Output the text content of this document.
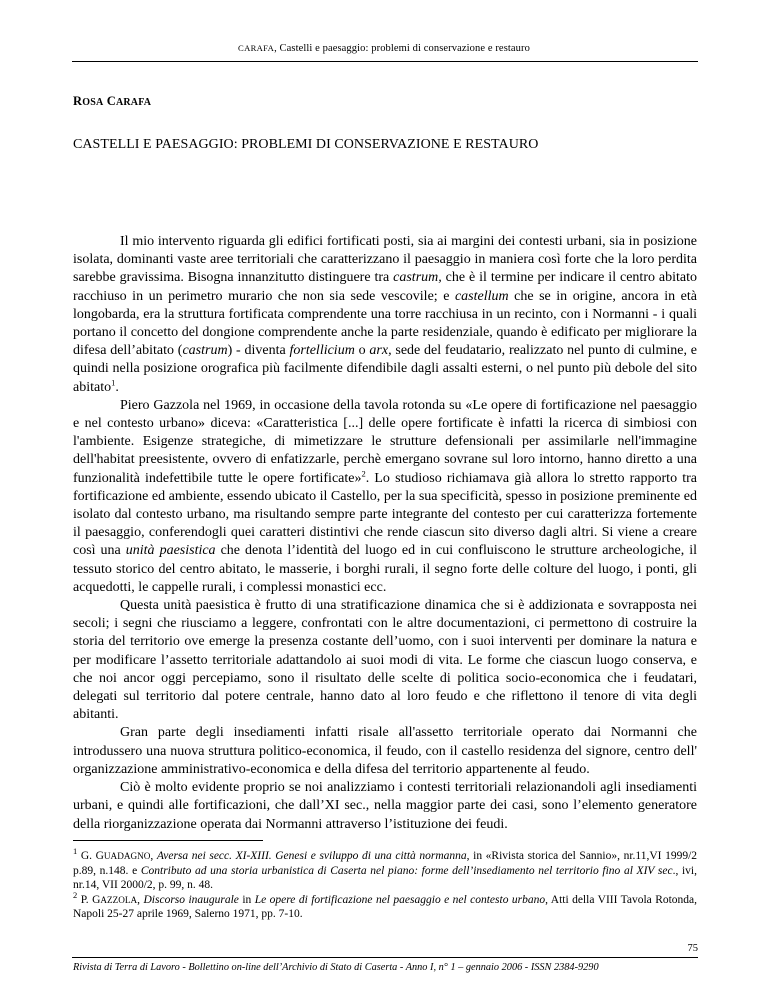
CARAFA, Castelli e paesaggio: problemi di conservazione e restauro
ROSA CARAFA
CASTELLI E PAESAGGIO: PROBLEMI DI CONSERVAZIONE E RESTAURO

Il mio intervento riguarda gli edifici fortificati posti, sia ai margini dei contesti urbani, sia in posizione isolata, dominanti vaste aree territoriali che caratterizzano il paesaggio in maniera così forte che la loro perdita sarebbe gravissima. Bisogna innanzitutto distinguere tra castrum, che è il termine per indicare il centro abitato racchiuso in un perimetro murario che non sia sede vescovile; e castellum che se in origine, ancora in età longobarda, era la struttura fortificata comprendente una torre racchiusa in un recinto, con i Normanni - i quali portano il concetto del dongione comprendente anche la parte residenziale, quando è edificato per migliorare la difesa dell’abitato (castrum) - diventa fortellicium o arx, sede del feudatario, realizzato nel punto di culmine, e quindi nella posizione orografica più facilmente difendibile dagli assalti esterni, o nel punto più debole del sito abitato$^1$.

Piero Gazzola nel 1969, in occasione della tavola rotonda su «Le opere di fortificazione nel paesaggio e nel contesto urbano» diceva: «Caratteristica [...] delle opere fortificate è infatti la ricerca di simbiosi con l'ambiente. Esigenze strategiche, di mimetizzare le strutture defensionali per assimilarle nell'immagine dell'habitat preesistente, ovvero di enfatizzarle, perchè emergano sovrane sul loro intorno, hanno diretto a una funzionalità indefettibile tutte le opere fortificate»$^2$. Lo studioso richiamava già allora lo stretto rapporto tra fortificazione ed ambiente, essendo ubicato il Castello, per la sua specificità, spesso in posizione preminente ed isolato dal contesto urbano, ma risultando sempre parte integrante del contesto per cui caratterizza fortemente il paesaggio, conferendogli quei caratteri distintivi che rende ciascun sito diverso dagli altri. Si viene a creare così una unità paesistica che denota l’identità del luogo ed in cui confluiscono le strutture archeologiche, il tessuto storico del centro abitato, le masserie, i borghi rurali, il segno forte delle colture del luogo, i ponti, gli acquedotti, le cappelle rurali, i complessi monastici ecc.

Questa unità paesistica è frutto di una stratificazione dinamica che si è addizionata e sovrapposta nei secoli; i segni che riusciamo a leggere, confrontati con le altre documentazioni, ci permettono di costruire la storia del territorio ove emerge la presenza costante dell’uomo, con i suoi interventi per dominare la natura e per modificare l’assetto territoriale adattandolo ai suoi modi di vita. Le forme che ciascun luogo conserva, e che noi ancor oggi percepiamo, sono il risultato delle scelte di politica socio-economica che i feudatari, delegati sul territorio dal potere centrale, hanno dato al loro feudo e che riflettono il tenore di vita degli abitanti.

Gran parte degli insediamenti infatti risale all'assetto territoriale operato dai Normanni che introdussero una nuova struttura politico-economica, il feudo, con il castello residenza del signore, centro dell' organizzazione amministrativo-economica e della difesa del territorio appartenente al feudo.

Ciò è molto evidente proprio se noi analizziamo i contesti territoriali relazionandoli agli insediamenti urbani, e quindi alle fortificazioni, che dall’XI sec., nella maggior parte dei casi, sono l’elemento generatore della riorganizzazione operata dai Normanni attraverso l’istituzione dei feudi.

$^1$ G. GUADAGNO, Aversa nei secc. XI-XIII. Genesi e sviluppo di una città normanna, in «Rivista storica del Sannio», nr.11,VI 1999/2 p.89, n.148. e Contributo ad una storia urbanistica di Caserta nel piano: forme dell’insediamento nel territorio fino al XIV sec., ivi, nr.14, VII 2000/2, p. 99, n. 48.

$^2$ P. GAZZOLA, Discorso inaugurale in Le opere di fortificazione nel paesaggio e nel contesto urbano, Atti della VIII Tavola Rotonda, Napoli 25-27 aprile 1969, Salerno 1971, pp. 7-10.

75
Rivista di Terra di Lavoro - Bollettino on-line dell’Archivio di Stato di Caserta - Anno I, n° 1 – gennaio 2006 - ISSN 2384-9290
